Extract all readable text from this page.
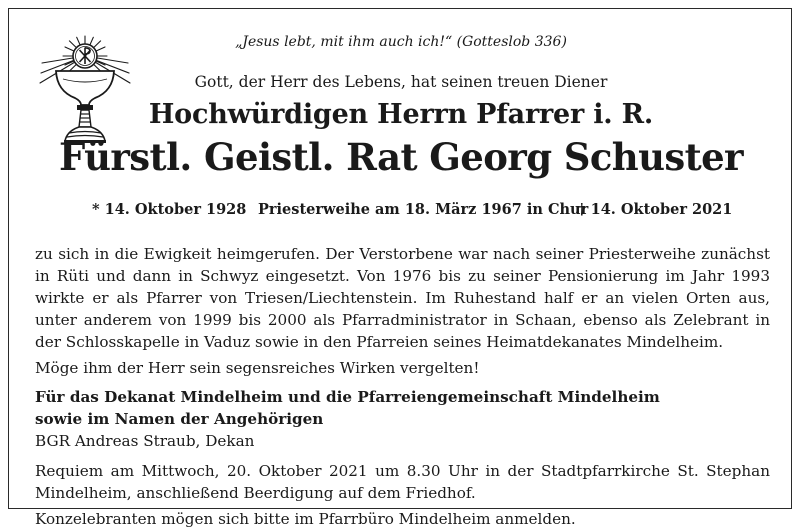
„Jesus lebt, mit ihm auch ich!“ (Gotteslob 336)
Gott, der Herr des Lebens, hat seinen treuen Diener
Hochwürdigen Herrn Pfarrer i. R.
Fürstl. Geistl. Rat Georg Schuster
* 14. Oktober 1928 Priesterweihe am 18. März 1967 in Chur
† 14. Oktober 2021

zu sich in die Ewigkeit heimgerufen. Der Verstorbene war nach seiner Priesterweihe zunächst in Rüti und dann in Schwyz eingesetzt. Von 1976 bis zu seiner Pensionierung im Jahr 1993 wirkte er als Pfarrer von Triesen/Liechtenstein. Im Ruhestand half er an vielen Orten aus, unter anderem von 1999 bis 2000 als Pfarradministrator in Schaan, ebenso als Zelebrant in der Schlosskapelle in Vaduz sowie in den Pfarreien seines Heimatdekanates Mindelheim.

Möge ihm der Herr sein segensreiches Wirken vergelten!

Für das Dekanat Mindelheim und die Pfarreiengemeinschaft Mindelheim
sowie im Namen der Angehörigen
BGR Andreas Straub, Dekan

Requiem am Mittwoch, 20. Oktober 2021 um 8.30 Uhr in der Stadtpfarrkirche St. Stephan Mindelheim, anschließend Beerdigung auf dem Friedhof.

Konzelebranten mögen sich bitte im Pfarrbüro Mindelheim anmelden.
